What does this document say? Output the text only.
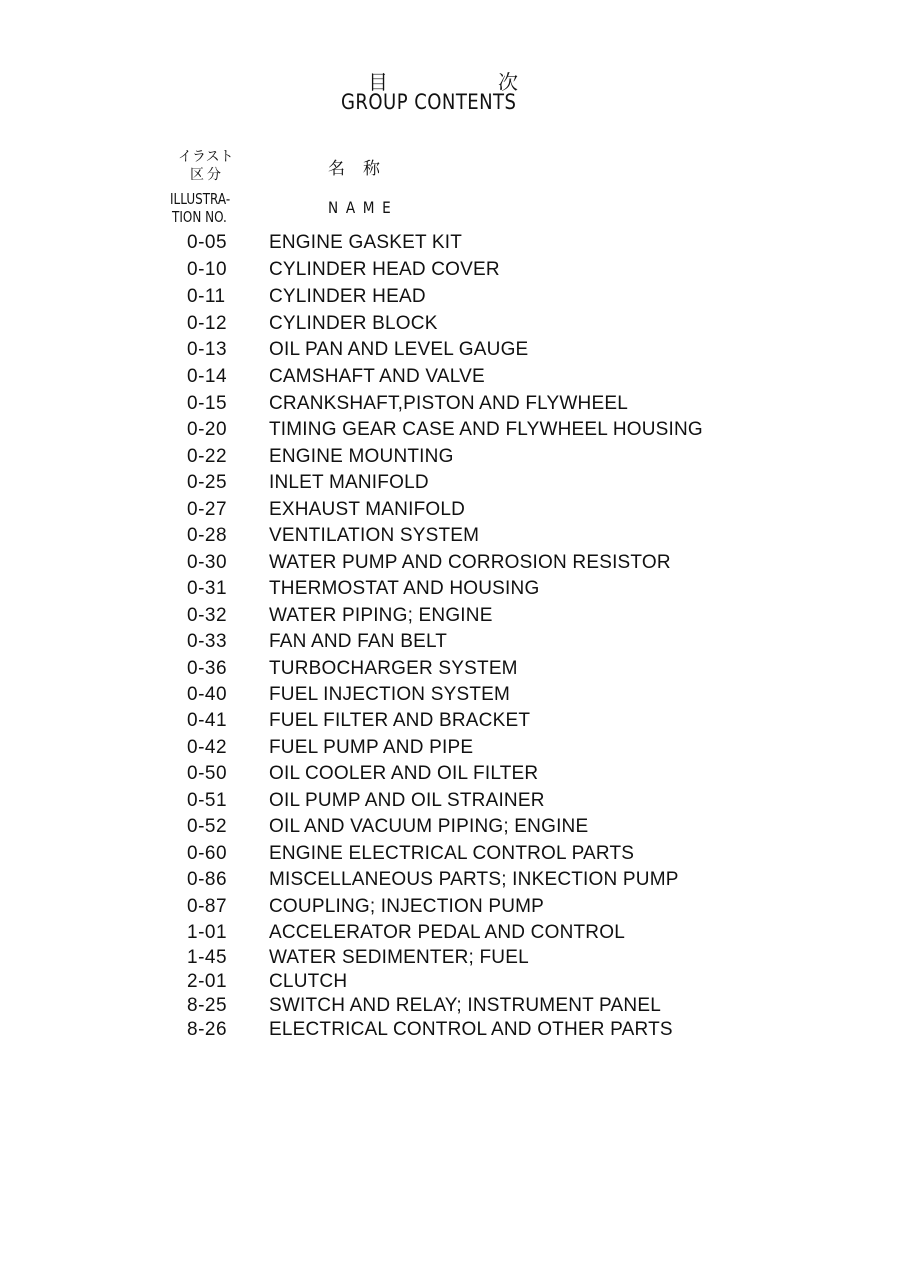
目	次
GROUP CONTENTS
イラスト
区分
ILLUSTRA-
TION NO.
名称
NAME
0-05 ENGINE GASKET KIT
0-10 CYLINDER HEAD COVER
0-11 CYLINDER HEAD
0-12 CYLINDER BLOCK
0-13 OIL PAN AND LEVEL GAUGE
0-14 CAMSHAFT AND VALVE
0-15 CRANKSHAFT,PISTON AND FLYWHEEL
0-20 TIMING GEAR CASE AND FLYWHEEL HOUSING
0-22 ENGINE MOUNTING
0-25 INLET MANIFOLD
0-27 EXHAUST MANIFOLD
0-28 VENTILATION SYSTEM
0-30 WATER PUMP AND CORROSION RESISTOR
0-31 THERMOSTAT AND HOUSING
0-32 WATER PIPING; ENGINE
0-33 FAN AND FAN BELT
0-36 TURBOCHARGER SYSTEM
0-40 FUEL INJECTION SYSTEM
0-41 FUEL FILTER AND BRACKET
0-42 FUEL PUMP AND PIPE
0-50 OIL COOLER AND OIL FILTER
0-51 OIL PUMP AND OIL STRAINER
0-52 OIL AND VACUUM PIPING; ENGINE
0-60 ENGINE ELECTRICAL CONTROL PARTS
0-86 MISCELLANEOUS PARTS; INKECTION PUMP
0-87 COUPLING; INJECTION PUMP
1-01 ACCELERATOR PEDAL AND CONTROL
1-45 WATER SEDIMENTER; FUEL
2-01 CLUTCH
8-25 SWITCH AND RELAY; INSTRUMENT PANEL
8-26 ELECTRICAL CONTROL AND OTHER PARTS
